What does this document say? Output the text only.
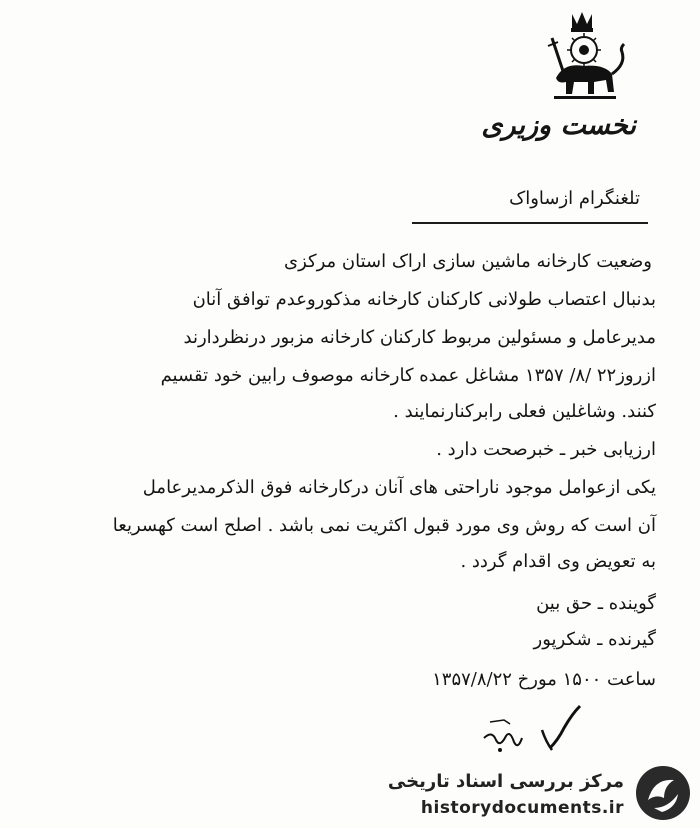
نخست وزیری
تلغنگرام ازساواک
وضعیت کارخانه ماشین سازی اراک استان مرکزی
بدنبال اعتصاب طولانی کارکنان کارخانه مذکوروعدم توافق آنان
مدیرعامل و مسئولین مربوط کارکنان کارخانه مزبور درنظردارند
ازروز۲۲ /۸/ ۱۳۵۷ مشاغل عمده کارخانه موصوف رابین خود تقسیم
کنند. وشاغلین فعلی رابرکنارنمایند .
ارزیابی خبر ـ خبرصحت دارد .
یکی ازعوامل موجود ناراحتی های آنان درکارخانه فوق الذکرمدیرعامل
آن است که روش وی مورد قبول اکثریت نمی باشد . اصلح است کهسریعا
به تعویض وی اقدام گردد .
گوینده ـ حق بین
گیرنده ـ شکرپور
ساعت ۱۵۰۰ مورخ ۱۳۵۷/۸/۲۲
مرکز بررسی اسناد تاریخی
historydocuments.ir
